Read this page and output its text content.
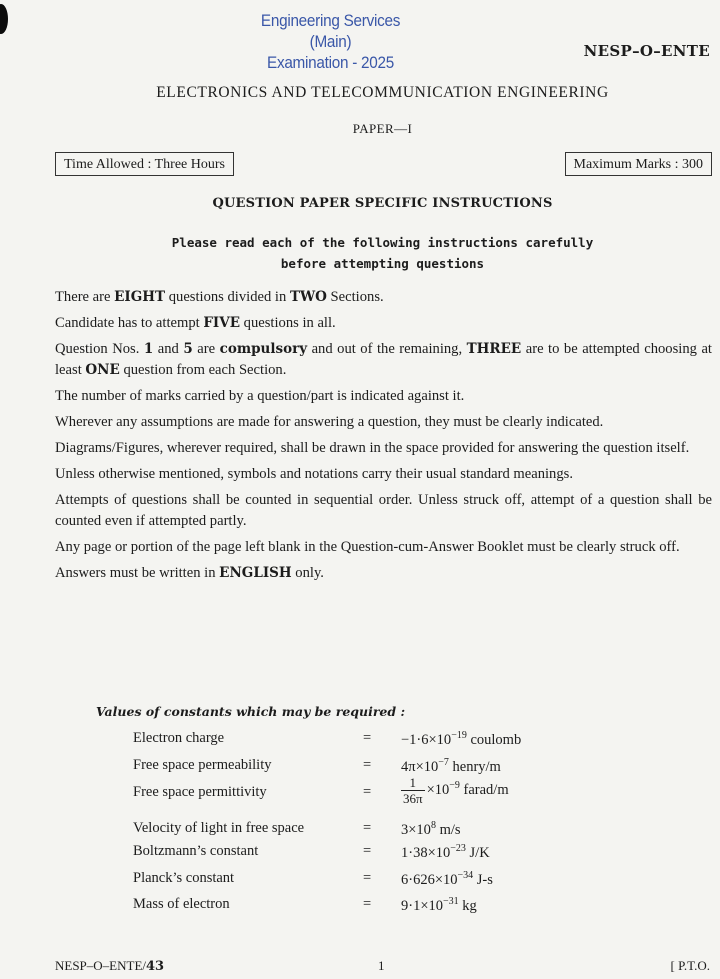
Engineering Services (Main)
Examination - 2025
NESP–O–ENTE
ELECTRONICS AND TELECOMMUNICATION ENGINEERING
PAPER—I
Time Allowed : Three Hours	Maximum Marks : 300
QUESTION PAPER SPECIFIC INSTRUCTIONS
Please read each of the following instructions carefully
before attempting questions

There are EIGHT questions divided in TWO Sections.

Candidate has to attempt FIVE questions in all.

Question Nos. 1 and 5 are compulsory and out of the remaining, THREE are to be attempted choosing at least ONE question from each Section.

The number of marks carried by a question/part is indicated against it.

Wherever any assumptions are made for answering a question, they must be clearly indicated.

Diagrams/Figures, wherever required, shall be drawn in the space provided for answering the question itself.

Unless otherwise mentioned, symbols and notations carry their usual standard meanings.

Attempts of questions shall be counted in sequential order. Unless struck off, attempt of a question shall be counted even if attempted partly.

Any page or portion of the page left blank in the Question-cum-Answer Booklet must be clearly struck off.

Answers must be written in ENGLISH only.

Values of constants which may be required :
Electron charge	= $-1\cdot 6\times 10^{-19}$ coulomb
Free space permeability	= $4\pi\times 10^{-7}$ henry/m
Free space permittivity	= $\frac{1}{36\pi} \times 10^{-9}$ farad/m
Velocity of light in free space	= $3\times 10^8$ m/s
Boltzmann’s constant	= $1\cdot 38\times 10^{-23}$ J/K
Planck’s constant	= $6\cdot 626\times 10^{-34}$ J-s
Mass of electron	= $9\cdot 1\times 10^{-31}$ kg
NESP–O–ENTE/43	1	[ P.T.O.
